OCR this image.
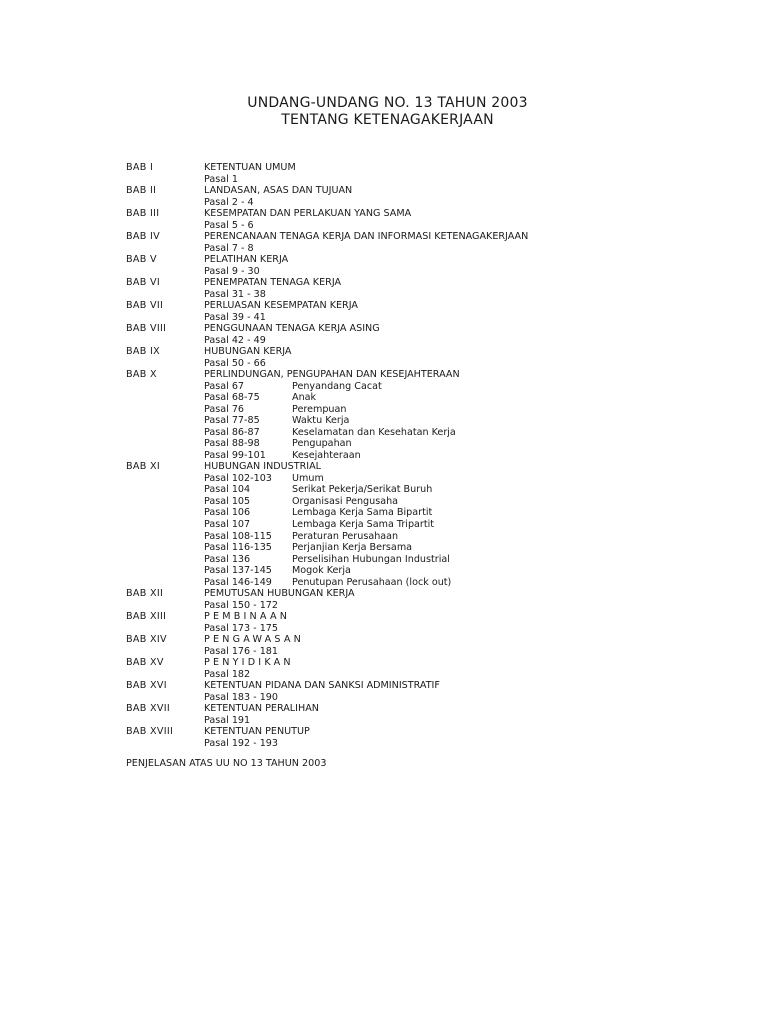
UNDANG-UNDANG NO. 13 TAHUN 2003
TENTANG KETENAGAKERJAAN
BAB I	KETENTUAN UMUM
Pasal 1
BAB II	LANDASAN, ASAS DAN TUJUAN
Pasal 2 - 4
BAB III	KESEMPATAN DAN PERLAKUAN YANG SAMA
Pasal 5 - 6
BAB IV	PERENCANAAN TENAGA KERJA DAN INFORMASI KETENAGAKERJAAN
Pasal 7 - 8
BAB V	PELATIHAN KERJA
Pasal 9 - 30
BAB VI	PENEMPATAN TENAGA KERJA
Pasal 31 - 38
BAB VII	PERLUASAN KESEMPATAN KERJA
Pasal 39 - 41
BAB VIII	PENGGUNAAN TENAGA KERJA ASING
Pasal 42 - 49
BAB IX	HUBUNGAN KERJA
Pasal 50 - 66
BAB X	PERLINDUNGAN, PENGUPAHAN DAN KESEJAHTERAAN
Pasal 67	Penyandang Cacat
Pasal 68-75	Anak
Pasal 76	Perempuan
Pasal 77-85	Waktu Kerja
Pasal 86-87	Keselamatan dan Kesehatan Kerja
Pasal 88-98	Pengupahan
Pasal 99-101	Kesejahteraan
BAB XI	HUBUNGAN INDUSTRIAL
Pasal 102-103	Umum
Pasal 104	Serikat Pekerja/Serikat Buruh
Pasal 105	Organisasi Pengusaha
Pasal 106	Lembaga Kerja Sama Bipartit
Pasal 107	Lembaga Kerja Sama Tripartit
Pasal 108-115	Peraturan Perusahaan
Pasal 116-135	Perjanjian Kerja Bersama
Pasal 136	Perselisihan Hubungan Industrial
Pasal 137-145	Mogok Kerja
Pasal 146-149	Penutupan Perusahaan (lock out)
BAB XII	PEMUTUSAN HUBUNGAN KERJA
Pasal 150 - 172
BAB XIII	PEMBINAAN
Pasal 173 - 175
BAB XIV	PENGAWASAN
Pasal 176 - 181
BAB XV	PENYIDIKAN
Pasal 182
BAB XVI	KETENTUAN PIDANA DAN SANKSI ADMINISTRATIF
Pasal 183 - 190
BAB XVII	KETENTUAN PERALIHAN
Pasal 191
BAB XVIII	KETENTUAN PENUTUP
Pasal 192 - 193
PENJELASAN ATAS UU NO 13 TAHUN 2003
